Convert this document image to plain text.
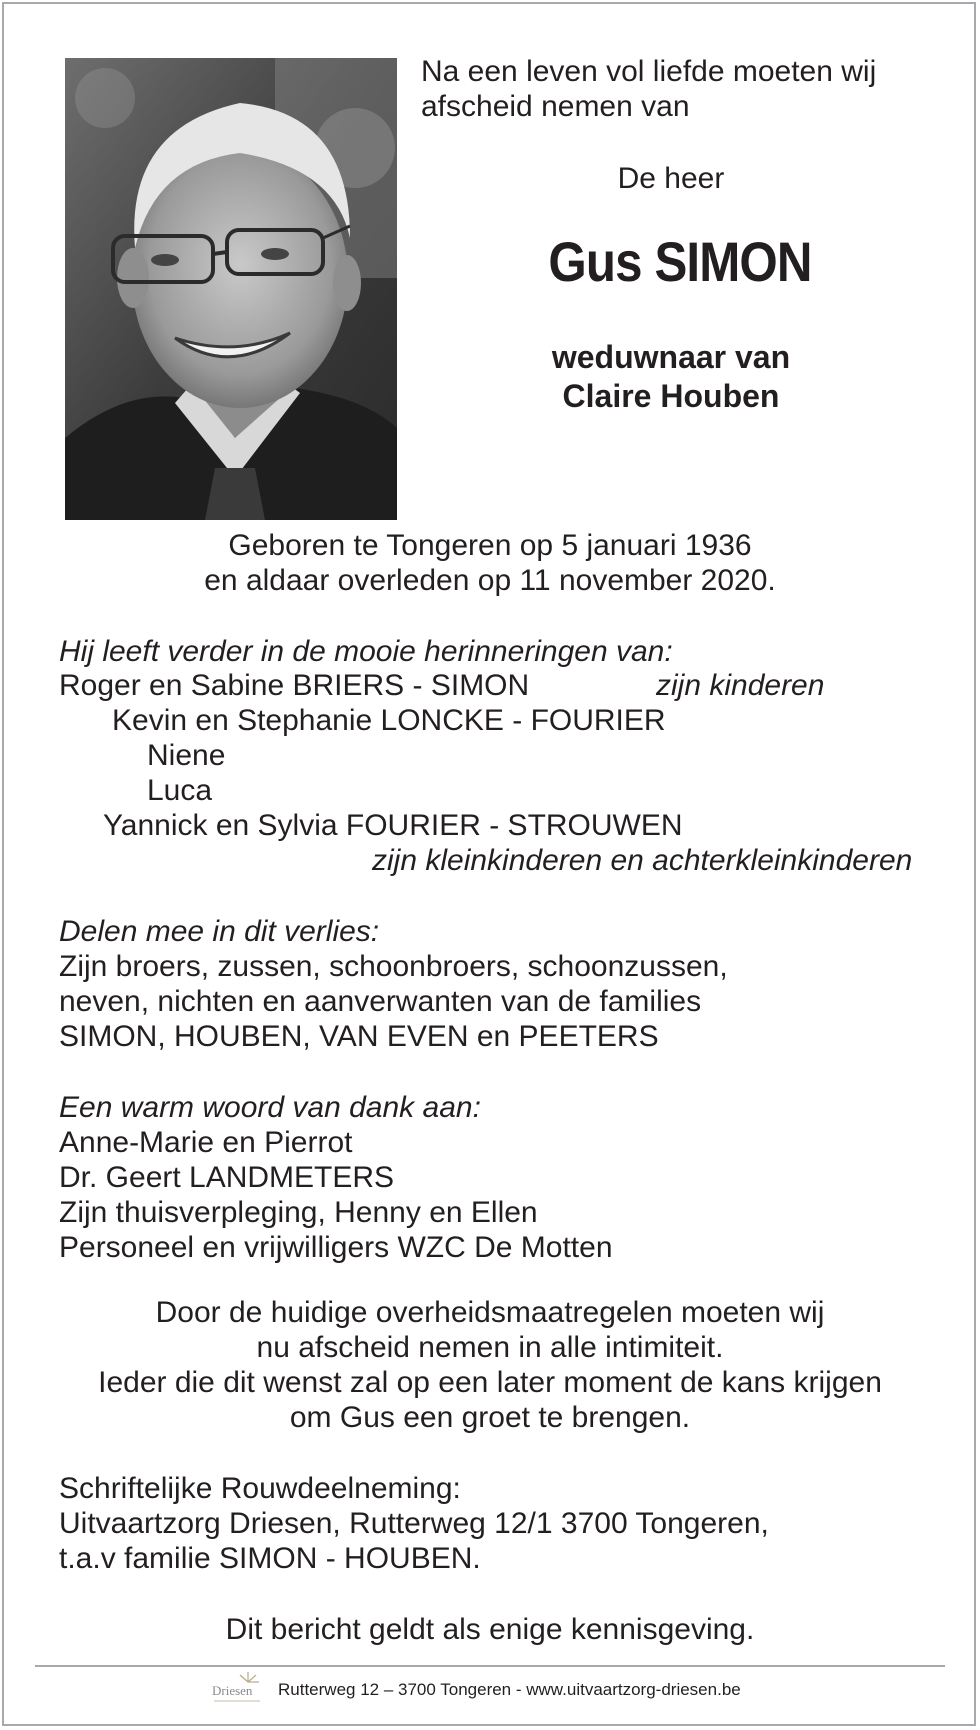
Na een leven vol liefde moeten wij
afscheid nemen van
De heer
Gus SIMON
weduwnaar van
Claire Houben
Geboren te Tongeren op 5 januari 1936
en aldaar overleden op 11 november 2020.
Hij leeft verder in de mooie herinneringen van:
Roger en Sabine BRIERS - SIMON	zijn kinderen
Kevin en Stephanie LONCKE - FOURIER
Niene
Luca
Yannick en Sylvia FOURIER - STROUWEN
zijn kleinkinderen en achterkleinkinderen
Delen mee in dit verlies:
Zijn broers, zussen, schoonbroers, schoonzussen,
neven, nichten en aanverwanten van de families
SIMON, HOUBEN, VAN EVEN en PEETERS
Een warm woord van dank aan:
Anne-Marie en Pierrot
Dr. Geert LANDMETERS
Zijn thuisverpleging, Henny en Ellen
Personeel en vrijwilligers WZC De Motten
Door de huidige overheidsmaatregelen moeten wij
nu afscheid nemen in alle intimiteit.
Ieder die dit wenst zal op een later moment de kans krijgen
om Gus een groet te brengen.
Schriftelijke Rouwdeelneming:
Uitvaartzorg Driesen, Rutterweg 12/1 3700 Tongeren,
t.a.v familie SIMON - HOUBEN.
Dit bericht geldt als enige kennisgeving.
Driesen Rutterweg 12 – 3700 Tongeren - www.uitvaartzorg-driesen.be
